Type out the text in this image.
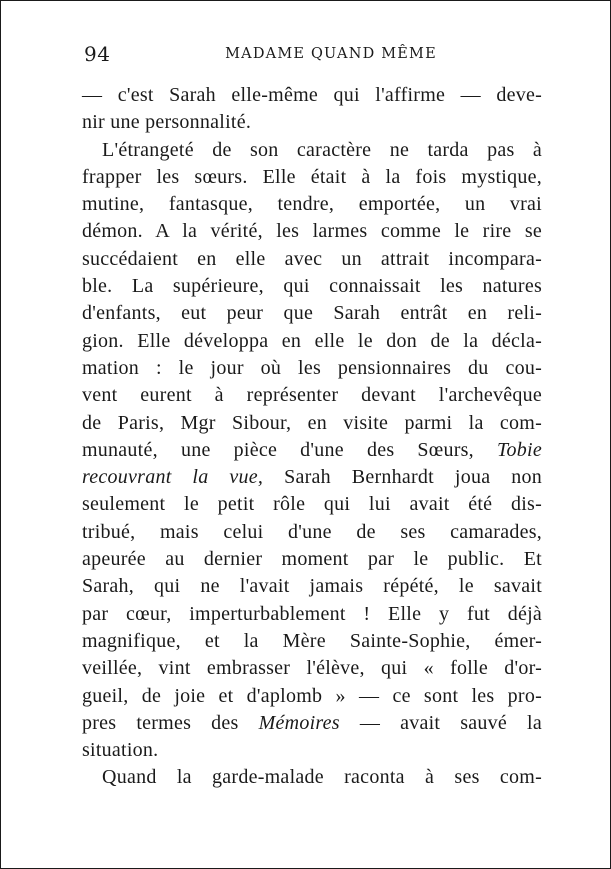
94	MADAME QUAND MÊME
— c'est Sarah elle-même qui l'affirme — deve-
nir une personnalité.
L'étrangeté de son caractère ne tarda pas à
frapper les sœurs. Elle était à la fois mystique,
mutine, fantasque, tendre, emportée, un vrai
démon. A la vérité, les larmes comme le rire se
succédaient en elle avec un attrait incompara-
ble. La supérieure, qui connaissait les natures
d'enfants, eut peur que Sarah entrât en reli-
gion. Elle développa en elle le don de la décla-
mation : le jour où les pensionnaires du cou-
vent eurent à représenter devant l'archevêque
de Paris, Mgr Sibour, en visite parmi la com-
munauté, une pièce d'une des Sœurs, Tobie
recouvrant la vue, Sarah Bernhardt joua non
seulement le petit rôle qui lui avait été dis-
tribué, mais celui d'une de ses camarades,
apeurée au dernier moment par le public. Et
Sarah, qui ne l'avait jamais répété, le savait
par cœur, imperturbablement ! Elle y fut déjà
magnifique, et la Mère Sainte-Sophie, émer-
veillée, vint embrasser l'élève, qui « folle d'or-
gueil, de joie et d'aplomb » — ce sont les pro-
pres termes des Mémoires — avait sauvé la
situation.
Quand la garde-malade raconta à ses com-
